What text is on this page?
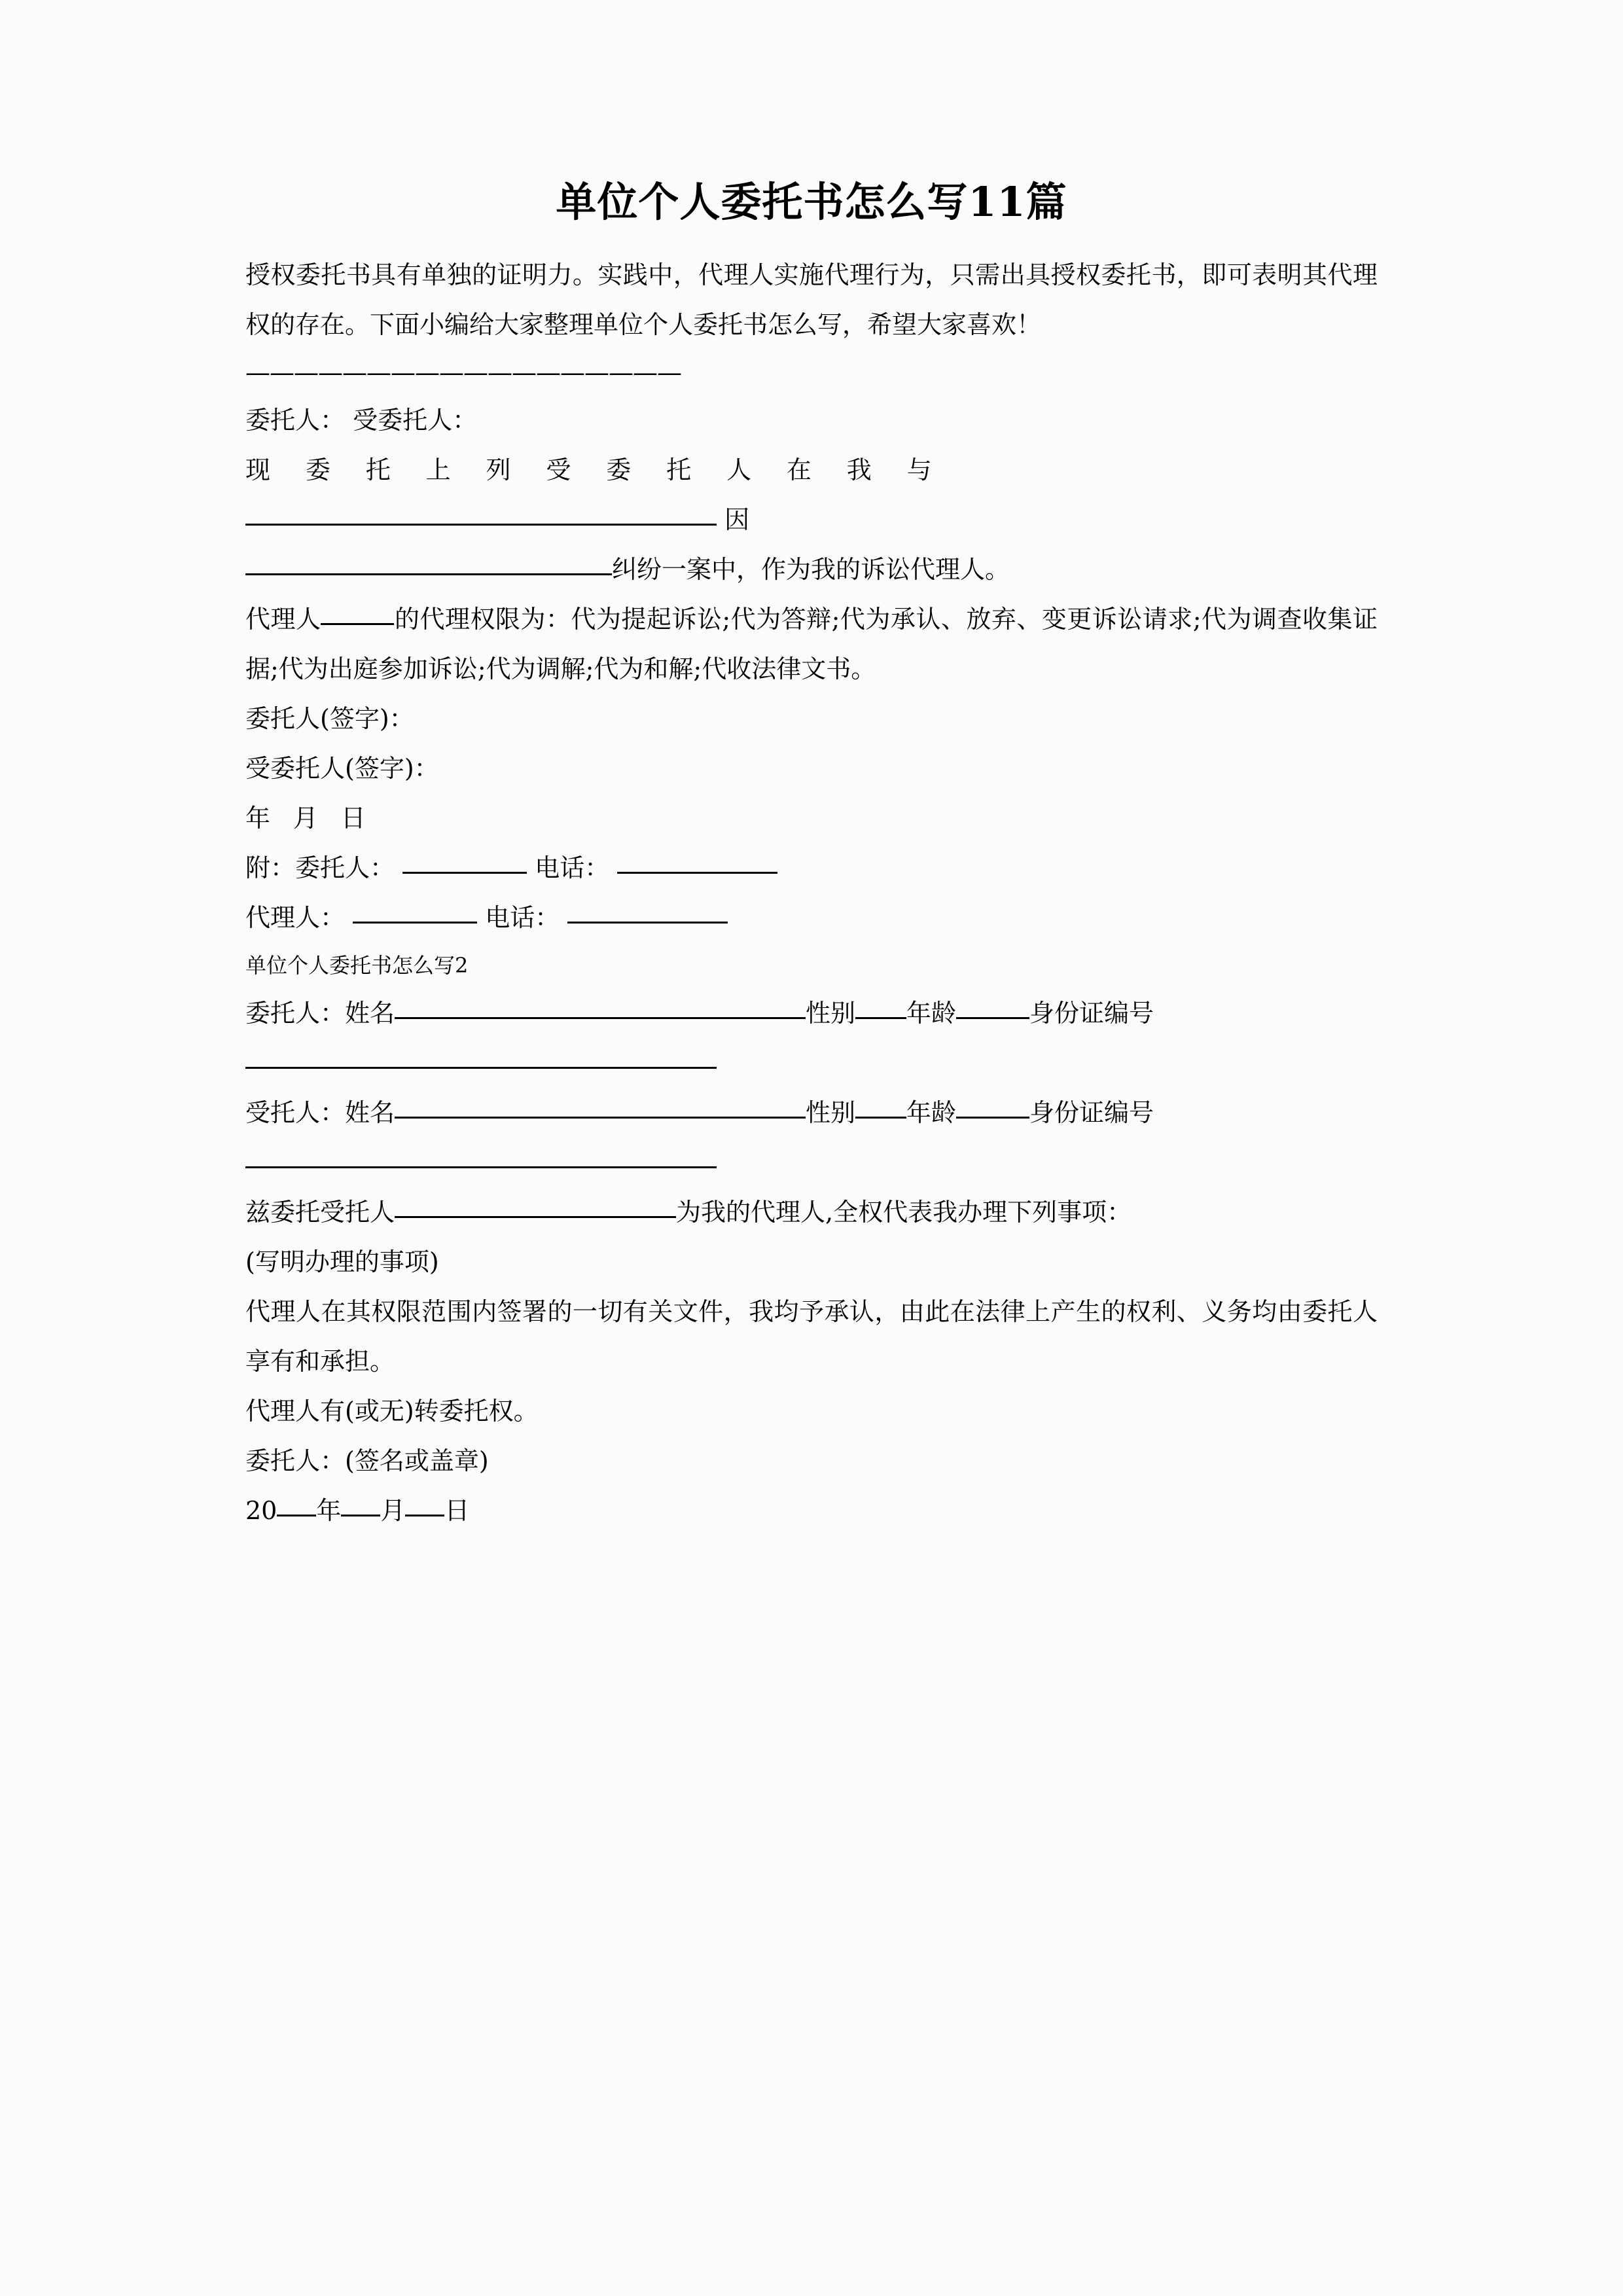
单位个人委托书怎么写11篇

授权委托书具有单独的证明力。实践中，代理人实施代理行为，只需出具授权委托书，即可表明其代理权的存在。下面小编给大家整理单位个人委托书怎么写，希望大家喜欢！

——————————————————

委托人： 受委托人：

现 委 托 上 列 受 委 托 人 在 我 与  因

纠纷一案中，作为我的诉讼代理人。

代理人	的代理权限为：代为提起诉讼;代为答辩;代为承认、放弃、变更诉讼请求;代为调查收集证据;代为出庭参加诉讼;代为调解;代为和解;代收法律文书。

委托人(签字)：

受委托人(签字)：

年 月 日

附：委托人：	电话：

代理人：	电话：

单位个人委托书怎么写2

委托人：姓名	性别 年龄	身份证编号

受托人：姓名	性别 年龄	身份证编号

兹委托受托人	为我的代理人,全权代表我办理下列事项：

(写明办理的事项)

代理人在其权限范围内签署的一切有关文件，我均予承认，由此在法律上产生的权利、义务均由委托人享有和承担。

代理人有(或无)转委托权。

委托人：(签名或盖章)

20 年 月 日
